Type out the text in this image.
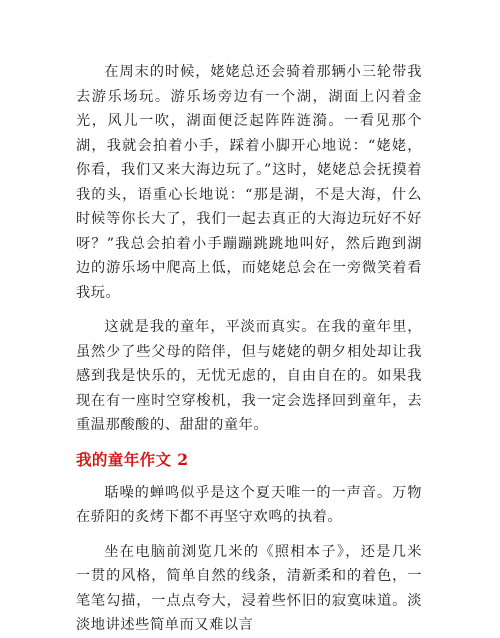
在周末的时候，姥姥总还会骑着那辆小三轮带我去游乐场玩。游乐场旁边有一个湖，湖面上闪着金光，风儿一吹，湖面便泛起阵阵涟漪。一看见那个湖，我就会拍着小手，踩着小脚开心地说：“姥姥，你看，我们又来大海边玩了。”这时，姥姥总会抚摸着我的头，语重心长地说：“那是湖，不是大海，什么时候等你长大了，我们一起去真正的大海边玩好不好呀？”我总会拍着小手蹦蹦跳跳地叫好，然后跑到湖边的游乐场中爬高上低，而姥姥总会在一旁微笑着看我玩。

这就是我的童年，平淡而真实。在我的童年里，虽然少了些父母的陪伴，但与姥姥的朝夕相处却让我感到我是快乐的，无忧无虑的，自由自在的。如果我现在有一座时空穿梭机，我一定会选择回到童年，去重温那酸酸的、甜甜的童年。

我的童年作文 2

聒噪的蝉鸣似乎是这个夏天唯一的一声音。万物在骄阳的炙烤下都不再坚守欢鸣的执着。

坐在电脑前浏览几米的《照相本子》，还是几米一贯的风格，简单自然的线条，清新柔和的着色，一笔笔勾描，一点点夸大，浸着些怀旧的寂寞味道。淡淡地讲述些简单而又难以言
